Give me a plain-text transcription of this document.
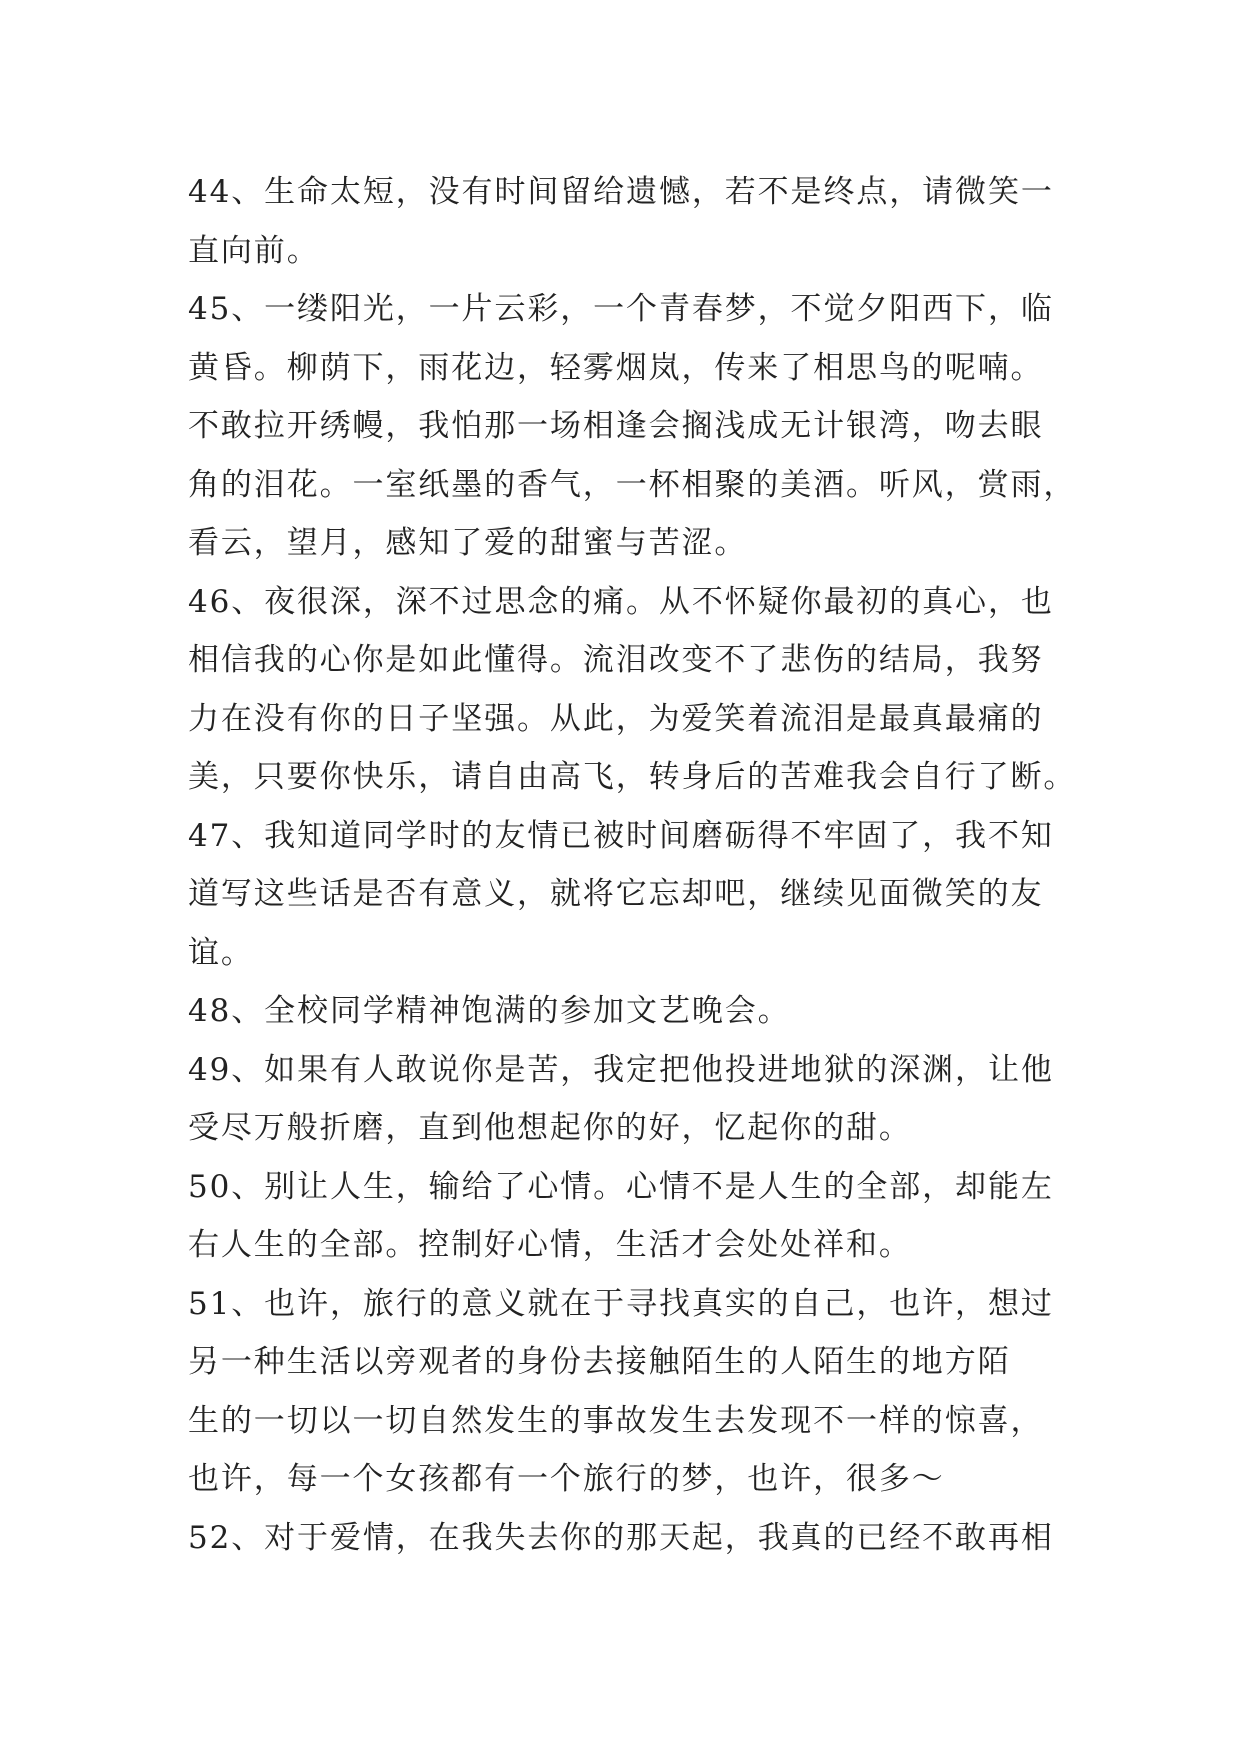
44、生命太短，没有时间留给遗憾，若不是终点，请微笑一
直向前。
45、一缕阳光，一片云彩，一个青春梦，不觉夕阳西下，临
黄昏。柳荫下，雨花边，轻雾烟岚，传来了相思鸟的呢喃。
不敢拉开绣幔，我怕那一场相逢会搁浅成无计银湾，吻去眼
角的泪花。一室纸墨的香气，一杯相聚的美酒。听风，赏雨，
看云，望月，感知了爱的甜蜜与苦涩。
46、夜很深，深不过思念的痛。从不怀疑你最初的真心，也
相信我的心你是如此懂得。流泪改变不了悲伤的结局，我努
力在没有你的日子坚强。从此，为爱笑着流泪是最真最痛的
美，只要你快乐，请自由高飞，转身后的苦难我会自行了断。
47、我知道同学时的友情已被时间磨砺得不牢固了，我不知
道写这些话是否有意义，就将它忘却吧，继续见面微笑的友
谊。
48、全校同学精神饱满的参加文艺晚会。
49、如果有人敢说你是苦，我定把他投进地狱的深渊，让他
受尽万般折磨，直到他想起你的好，忆起你的甜。
50、别让人生，输给了心情。心情不是人生的全部，却能左
右人生的全部。控制好心情，生活才会处处祥和。
51、也许，旅行的意义就在于寻找真实的自己，也许，想过
另一种生活以旁观者的身份去接触陌生的人陌生的地方陌
生的一切以一切自然发生的事故发生去发现不一样的惊喜，
也许，每一个女孩都有一个旅行的梦，也许，很多～
52、对于爱情，在我失去你的那天起，我真的已经不敢再相
